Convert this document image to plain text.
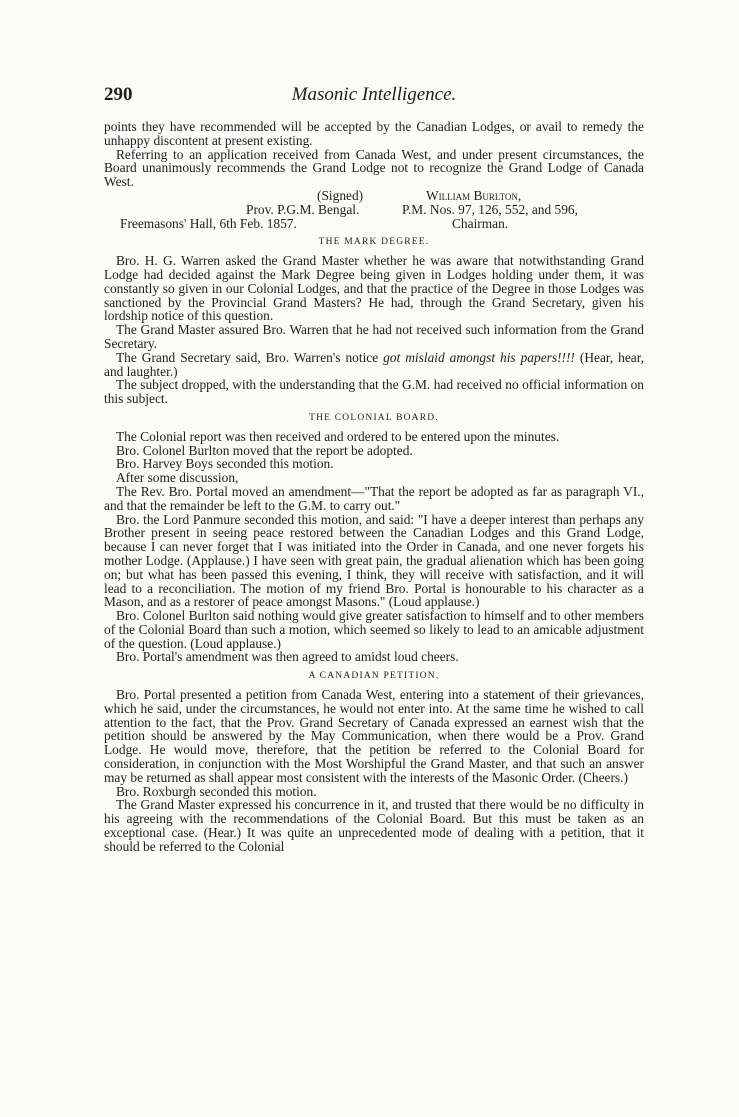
290	Masonic Intelligence.

points they have recommended will be accepted by the Canadian Lodges, or avail to remedy the unhappy discontent at present existing.

Referring to an application received from Canada West, and under present circumstances, the Board unanimously recommends the Grand Lodge not to recognize the Grand Lodge of Canada West.

(Signed)	William Burlton,
Prov. P.G.M. Bengal.	P.M. Nos. 97, 126, 552, and 596,
Freemasons' Hall, 6th Feb. 1857.	Chairman.
THE MARK DEGREE.

Bro. H. G. Warren asked the Grand Master whether he was aware that notwithstanding Grand Lodge had decided against the Mark Degree being given in Lodges holding under them, it was constantly so given in our Colonial Lodges, and that the practice of the Degree in those Lodges was sanctioned by the Provincial Grand Masters? He had, through the Grand Secretary, given his lordship notice of this question.

The Grand Master assured Bro. Warren that he had not received such information from the Grand Secretary.

The Grand Secretary said, Bro. Warren's notice got mislaid amongst his papers!!!! (Hear, hear, and laughter.)

The subject dropped, with the understanding that the G.M. had received no official information on this subject.

THE COLONIAL BOARD.

The Colonial report was then received and ordered to be entered upon the minutes.

Bro. Colonel Burlton moved that the report be adopted.

Bro. Harvey Boys seconded this motion.

After some discussion,

The Rev. Bro. Portal moved an amendment—"That the report be adopted as far as paragraph VI., and that the remainder be left to the G.M. to carry out."

Bro. the Lord Panmure seconded this motion, and said: "I have a deeper interest than perhaps any Brother present in seeing peace restored between the Canadian Lodges and this Grand Lodge, because I can never forget that I was initiated into the Order in Canada, and one never forgets his mother Lodge. (Applause.) I have seen with great pain, the gradual alienation which has been going on; but what has been passed this evening, I think, they will receive with satisfaction, and it will lead to a reconciliation. The motion of my friend Bro. Portal is honourable to his character as a Mason, and as a restorer of peace amongst Masons." (Loud applause.)

Bro. Colonel Burlton said nothing would give greater satisfaction to himself and to other members of the Colonial Board than such a motion, which seemed so likely to lead to an amicable adjustment of the question. (Loud applause.)

Bro. Portal's amendment was then agreed to amidst loud cheers.

A CANADIAN PETITION.

Bro. Portal presented a petition from Canada West, entering into a statement of their grievances, which he said, under the circumstances, he would not enter into. At the same time he wished to call attention to the fact, that the Prov. Grand Secretary of Canada expressed an earnest wish that the petition should be answered by the May Communication, when there would be a Prov. Grand Lodge. He would move, therefore, that the petition be referred to the Colonial Board for consideration, in conjunction with the Most Worshipful the Grand Master, and that such an answer may be returned as shall appear most consistent with the interests of the Masonic Order. (Cheers.)

Bro. Roxburgh seconded this motion.

The Grand Master expressed his concurrence in it, and trusted that there would be no difficulty in his agreeing with the recommendations of the Colonial Board. But this must be taken as an exceptional case. (Hear.) It was quite an unprecedented mode of dealing with a petition, that it should be referred to the Colonial
